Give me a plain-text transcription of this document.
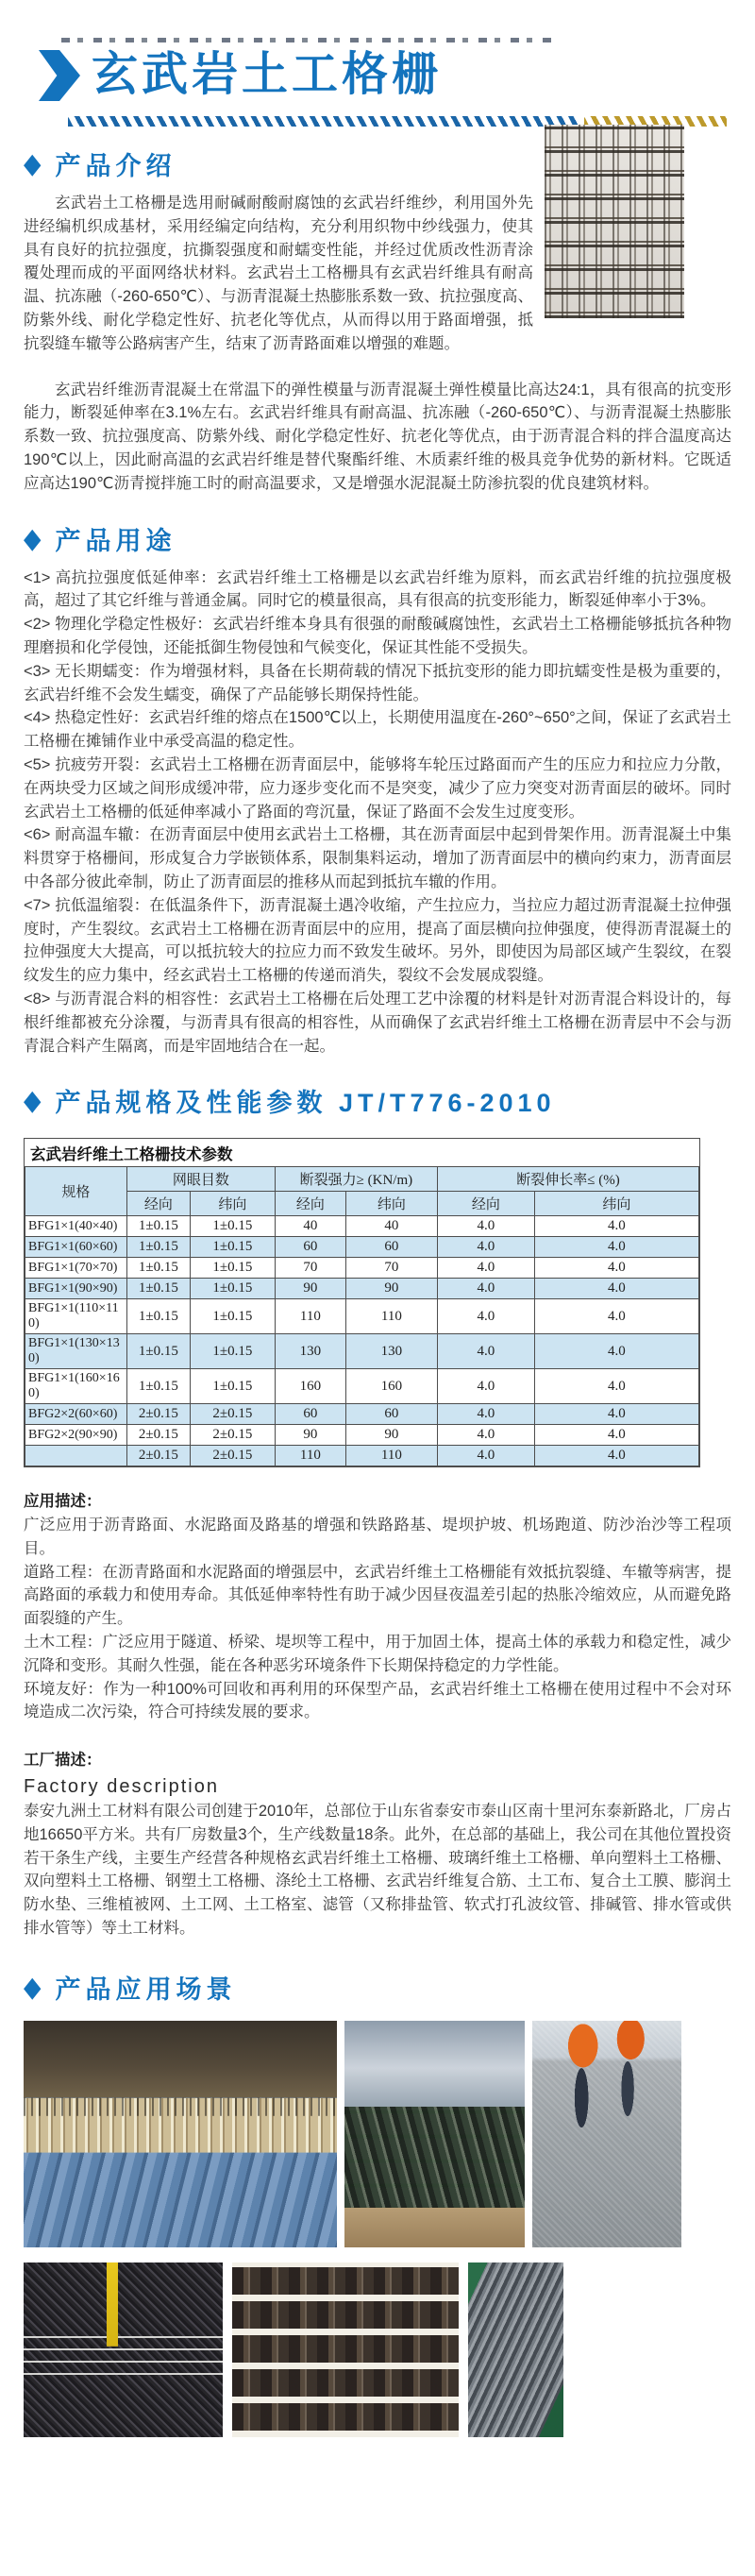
玄武岩土工格栅
◆ 产品介绍

玄武岩土工格栅是选用耐碱耐酸耐腐蚀的玄武岩纤维纱，利用国外先进经编机织成基材，采用经编定向结构，充分利用织物中纱线强力，使其具有良好的抗拉强度，抗撕裂强度和耐蠕变性能，并经过优质改性沥青涂覆处理而成的平面网络状材料。玄武岩土工格栅具有玄武岩纤维具有耐高温、抗冻融（-260-650℃）、与沥青混凝土热膨胀系数一致、抗拉强度高、防紫外线、耐化学稳定性好、抗老化等优点，从而得以用于路面增强，抵抗裂缝车辙等公路病害产生，结束了沥青路面难以增强的难题。

玄武岩纤维沥青混凝土在常温下的弹性模量与沥青混凝土弹性模量比高达24:1，具有很高的抗变形能力，断裂延伸率在3.1%左右。玄武岩纤维具有耐高温、抗冻融（-260-650℃）、与沥青混凝土热膨胀系数一致、抗拉强度高、防紫外线、耐化学稳定性好、抗老化等优点，由于沥青混合料的拌合温度高达190℃以上，因此耐高温的玄武岩纤维是替代聚酯纤维、木质素纤维的极具竞争优势的新材料。它既适应高达190℃沥青搅拌施工时的耐高温要求，又是增强水泥混凝土防渗抗裂的优良建筑材料。

◆ 产品用途

<1> 高抗拉强度低延伸率：玄武岩纤维土工格栅是以玄武岩纤维为原料，而玄武岩纤维的抗拉强度极高，超过了其它纤维与普通金属。同时它的模量很高，具有很高的抗变形能力，断裂延伸率小于3%。

<2> 物理化学稳定性极好：玄武岩纤维本身具有很强的耐酸碱腐蚀性，玄武岩土工格栅能够抵抗各种物理磨损和化学侵蚀，还能抵御生物侵蚀和气候变化，保证其性能不受损失。

<3> 无长期蠕变：作为增强材料，具备在长期荷载的情况下抵抗变形的能力即抗蠕变性是极为重要的，玄武岩纤维不会发生蠕变，确保了产品能够长期保持性能。

<4> 热稳定性好：玄武岩纤维的熔点在1500℃以上，长期使用温度在-260°~650°之间，保证了玄武岩土工格栅在摊铺作业中承受高温的稳定性。

<5> 抗疲劳开裂：玄武岩土工格栅在沥青面层中，能够将车轮压过路面而产生的压应力和拉应力分散，在两块受力区域之间形成缓冲带，应力逐步变化而不是突变，减少了应力突变对沥青面层的破坏。同时玄武岩土工格栅的低延伸率减小了路面的弯沉量，保证了路面不会发生过度变形。

<6> 耐高温车辙：在沥青面层中使用玄武岩土工格栅，其在沥青面层中起到骨架作用。沥青混凝土中集料贯穿于格栅间，形成复合力学嵌锁体系，限制集料运动，增加了沥青面层中的横向约束力，沥青面层中各部分彼此牵制，防止了沥青面层的推移从而起到抵抗车辙的作用。

<7> 抗低温缩裂：在低温条件下，沥青混凝土遇冷收缩，产生拉应力，当拉应力超过沥青混凝土拉伸强度时，产生裂纹。玄武岩土工格栅在沥青面层中的应用，提高了面层横向拉伸强度，使得沥青混凝土的拉伸强度大大提高，可以抵抗较大的拉应力而不致发生破坏。另外，即使因为局部区域产生裂纹，在裂纹发生的应力集中，经玄武岩土工格栅的传递而消失，裂纹不会发展成裂缝。

<8> 与沥青混合料的相容性：玄武岩土工格栅在后处理工艺中涂覆的材料是针对沥青混合料设计的，每根纤维都被充分涂覆，与沥青具有很高的相容性，从而确保了玄武岩纤维土工格栅在沥青层中不会与沥青混合料产生隔离，而是牢固地结合在一起。

◆ 产品规格及性能参数 JT/T776-2010
玄武岩纤维土工格栅技术参数
规格	网眼目数		断裂强力≥ (KN/m)		断裂伸长率≤ (%)	
	经向	纬向	经向	纬向	经向	纬向
BFG1×1(40×40)	1±0.15	1±0.15	40	40	4.0	4.0
BFG1×1(60×60)	1±0.15	1±0.15	60	60	4.0	4.0
BFG1×1(70×70)	1±0.15	1±0.15	70	70	4.0	4.0
BFG1×1(90×90)	1±0.15	1±0.15	90	90	4.0	4.0
BFG1×1(110×110)	1±0.15	1±0.15	110	110	4.0	4.0
BFG1×1(130×130)	1±0.15	1±0.15	130	130	4.0	4.0
BFG1×1(160×160)	1±0.15	1±0.15	160	160	4.0	4.0
BFG2×2(60×60)	2±0.15	2±0.15	60	60	4.0	4.0
BFG2×2(90×90)	2±0.15	2±0.15	90	90	4.0	4.0
	2±0.15	2±0.15	110	110	4.0	4.0

应用描述：

广泛应用于沥青路面、水泥路面及路基的增强和铁路路基、堤坝护坡、机场跑道、防沙治沙等工程项目。

道路工程：在沥青路面和水泥路面的增强层中，玄武岩纤维土工格栅能有效抵抗裂缝、车辙等病害，提高路面的承载力和使用寿命。其低延伸率特性有助于减少因昼夜温差引起的热胀冷缩效应，从而避免路面裂缝的产生。

土木工程：广泛应用于隧道、桥梁、堤坝等工程中，用于加固土体，提高土体的承载力和稳定性，减少沉降和变形。其耐久性强，能在各种恶劣环境条件下长期保持稳定的力学性能。

环境友好：作为一种100%可回收和再利用的环保型产品，玄武岩纤维土工格栅在使用过程中不会对环境造成二次污染，符合可持续发展的要求。

工厂描述：

Factory description

泰安九洲土工材料有限公司创建于2010年，总部位于山东省泰安市泰山区南十里河东泰新路北，厂房占地16650平方米。共有厂房数量3个，生产线数量18条。此外，在总部的基础上，我公司在其他位置投资若干条生产线，主要生产经营各种规格玄武岩纤维土工格栅、玻璃纤维土工格栅、单向塑料土工格栅、双向塑料土工格栅、钢塑土工格栅、涤纶土工格栅、玄武岩纤维复合筋、土工布、复合土工膜、膨润土防水垫、三维植被网、土工网、土工格室、滤管（又称排盐管、软式打孔波纹管、排碱管、排水管或供排水管等）等土工材料。

◆ 产品应用场景
